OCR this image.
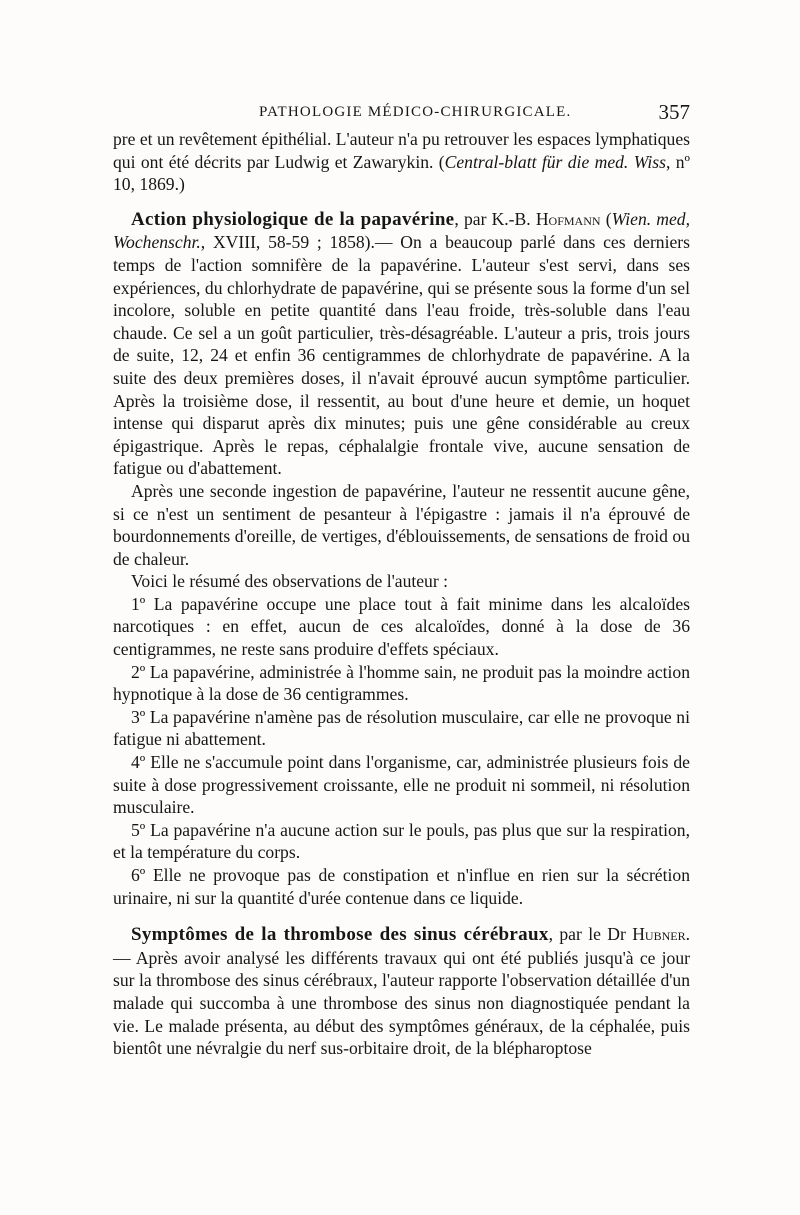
PATHOLOGIE MÉDICO-CHIRURGICALE.	357

pre et un revêtement épithélial. L'auteur n'a pu retrouver les espaces lymphatiques qui ont été décrits par Ludwig et Zawarykin. (Central-blatt für die med. Wiss, nº 10, 1869.)

Action physiologique de la papavérine, par K.-B. Hofmann (Wien. med, Wochenschr., XVIII, 58-59 ; 1858).— On a beaucoup parlé dans ces derniers temps de l'action somnifère de la papavérine. L'auteur s'est servi, dans ses expériences, du chlorhydrate de papavérine, qui se présente sous la forme d'un sel incolore, soluble en petite quantité dans l'eau froide, très-soluble dans l'eau chaude. Ce sel a un goût particulier, très-désagréable. L'auteur a pris, trois jours de suite, 12, 24 et enfin 36 centigrammes de chlorhydrate de papavérine. A la suite des deux premières doses, il n'avait éprouvé aucun symptôme particulier. Après la troisième dose, il ressentit, au bout d'une heure et demie, un hoquet intense qui disparut après dix minutes; puis une gêne considérable au creux épigastrique. Après le repas, céphalalgie frontale vive, aucune sensation de fatigue ou d'abattement.

Après une seconde ingestion de papavérine, l'auteur ne ressentit aucune gêne, si ce n'est un sentiment de pesanteur à l'épigastre : jamais il n'a éprouvé de bourdonnements d'oreille, de vertiges, d'éblouissements, de sensations de froid ou de chaleur.

Voici le résumé des observations de l'auteur :

1º La papavérine occupe une place tout à fait minime dans les alcaloïdes narcotiques : en effet, aucun de ces alcaloïdes, donné à la dose de 36 centigrammes, ne reste sans produire d'effets spéciaux.

2º La papavérine, administrée à l'homme sain, ne produit pas la moindre action hypnotique à la dose de 36 centigrammes.

3º La papavérine n'amène pas de résolution musculaire, car elle ne provoque ni fatigue ni abattement.

4º Elle ne s'accumule point dans l'organisme, car, administrée plusieurs fois de suite à dose progressivement croissante, elle ne produit ni sommeil, ni résolution musculaire.

5º La papavérine n'a aucune action sur le pouls, pas plus que sur la respiration, et la température du corps.

6º Elle ne provoque pas de constipation et n'influe en rien sur la sécrétion urinaire, ni sur la quantité d'urée contenue dans ce liquide.

Symptômes de la thrombose des sinus cérébraux, par le Dr Hubner. — Après avoir analysé les différents travaux qui ont été publiés jusqu'à ce jour sur la thrombose des sinus cérébraux, l'auteur rapporte l'observation détaillée d'un malade qui succomba à une thrombose des sinus non diagnostiquée pendant la vie. Le malade présenta, au début des symptômes généraux, de la céphalée, puis bientôt une névralgie du nerf sus-orbitaire droit, de la blépharoptose
